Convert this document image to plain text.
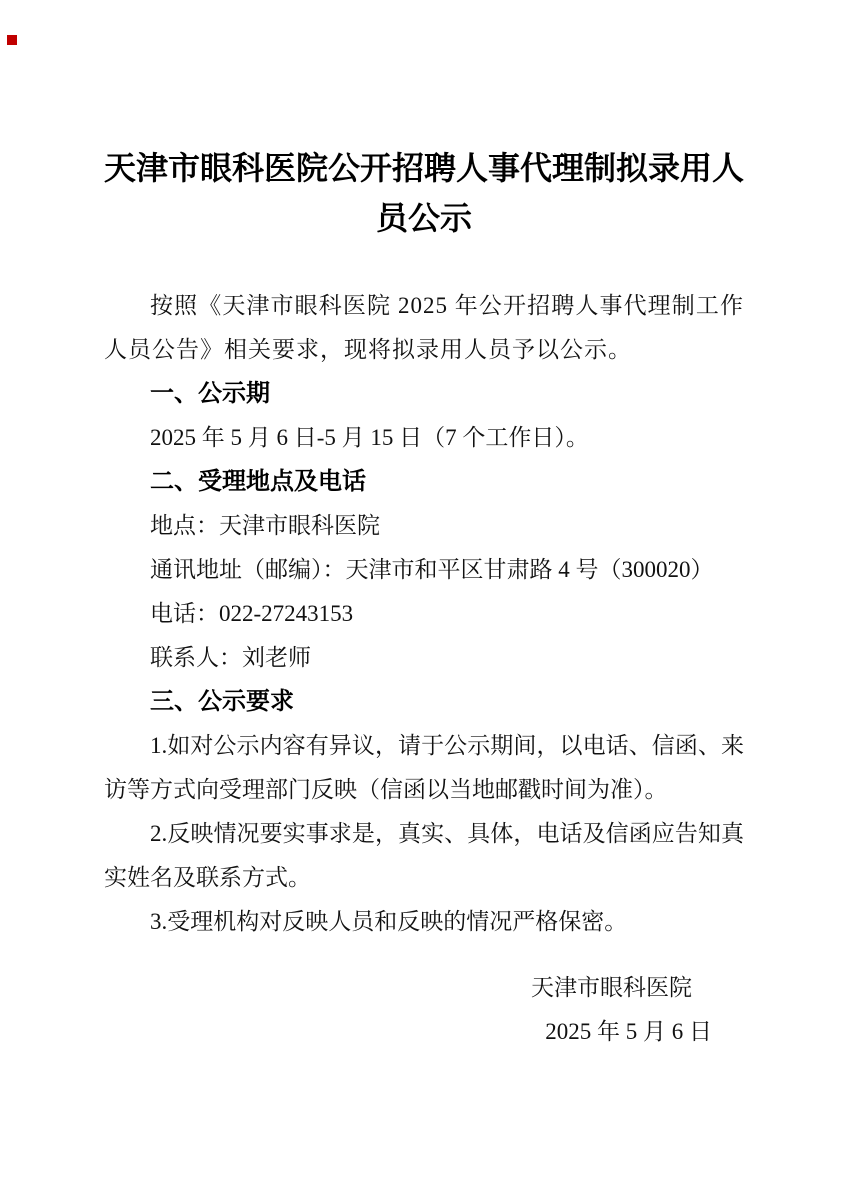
天津市眼科医院公开招聘人事代理制拟录用人员公示

按照《天津市眼科医院 2025 年公开招聘人事代理制工作人员公告》相关要求，现将拟录用人员予以公示。

一、公示期

2025 年 5 月 6 日-5 月 15 日（7 个工作日）。

二、受理地点及电话

地点：天津市眼科医院

通讯地址（邮编）：天津市和平区甘肃路 4 号（300020）

电话：022-27243153

联系人：刘老师

三、公示要求

1.如对公示内容有异议，请于公示期间，以电话、信函、来访等方式向受理部门反映（信函以当地邮戳时间为准）。

2.反映情况要实事求是，真实、具体，电话及信函应告知真实姓名及联系方式。

3.受理机构对反映人员和反映的情况严格保密。

天津市眼科医院

2025 年 5 月 6 日
